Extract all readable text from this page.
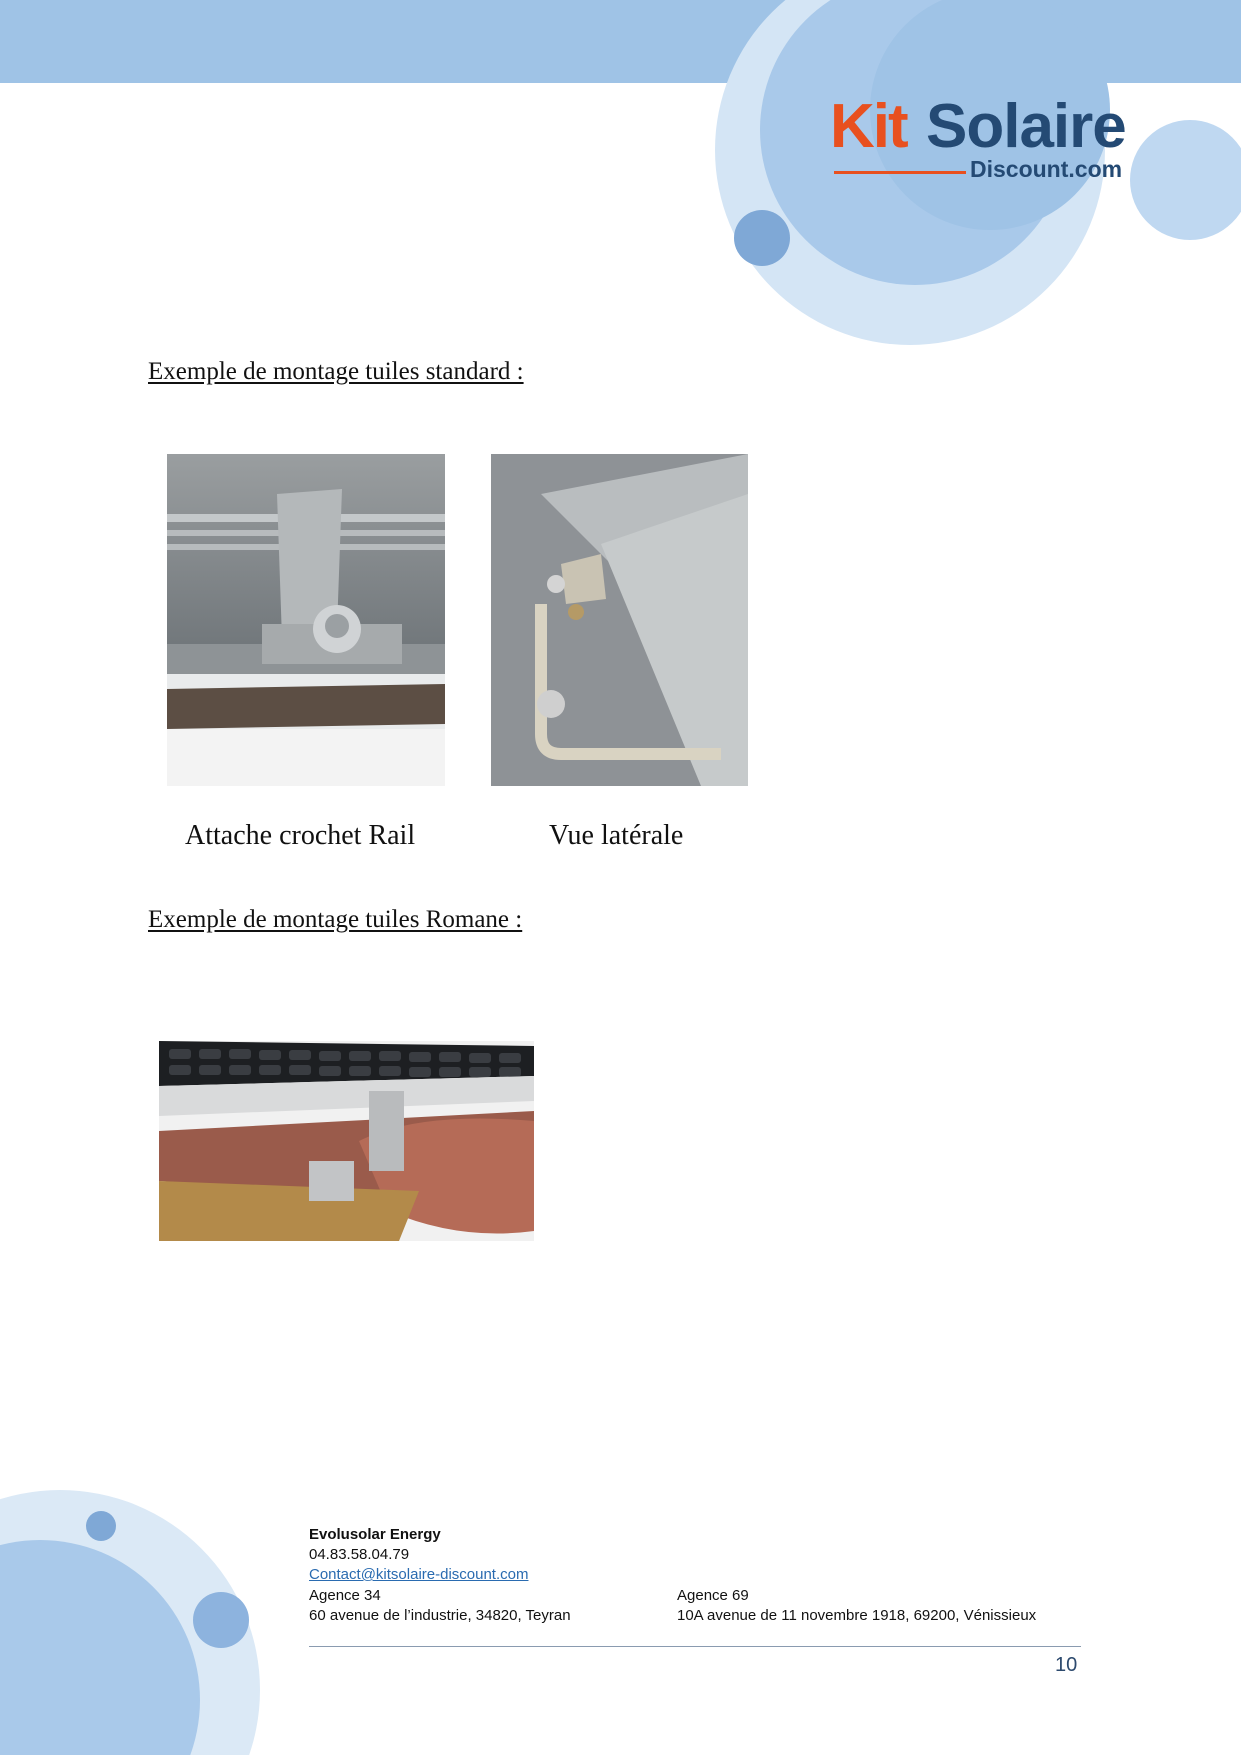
Kit Solaire
Discount.com
Exemple de montage tuiles standard :

Attache crochet Rail	Vue latérale

Exemple de montage tuiles Romane :
Evolusolar Energy
04.83.58.04.79
Contact@kitsolaire-discount.com
Agence 34
60 avenue de l’industrie, 34820, Teyran
Agence 69
10A avenue de 11 novembre 1918, 69200, Vénissieux
10
